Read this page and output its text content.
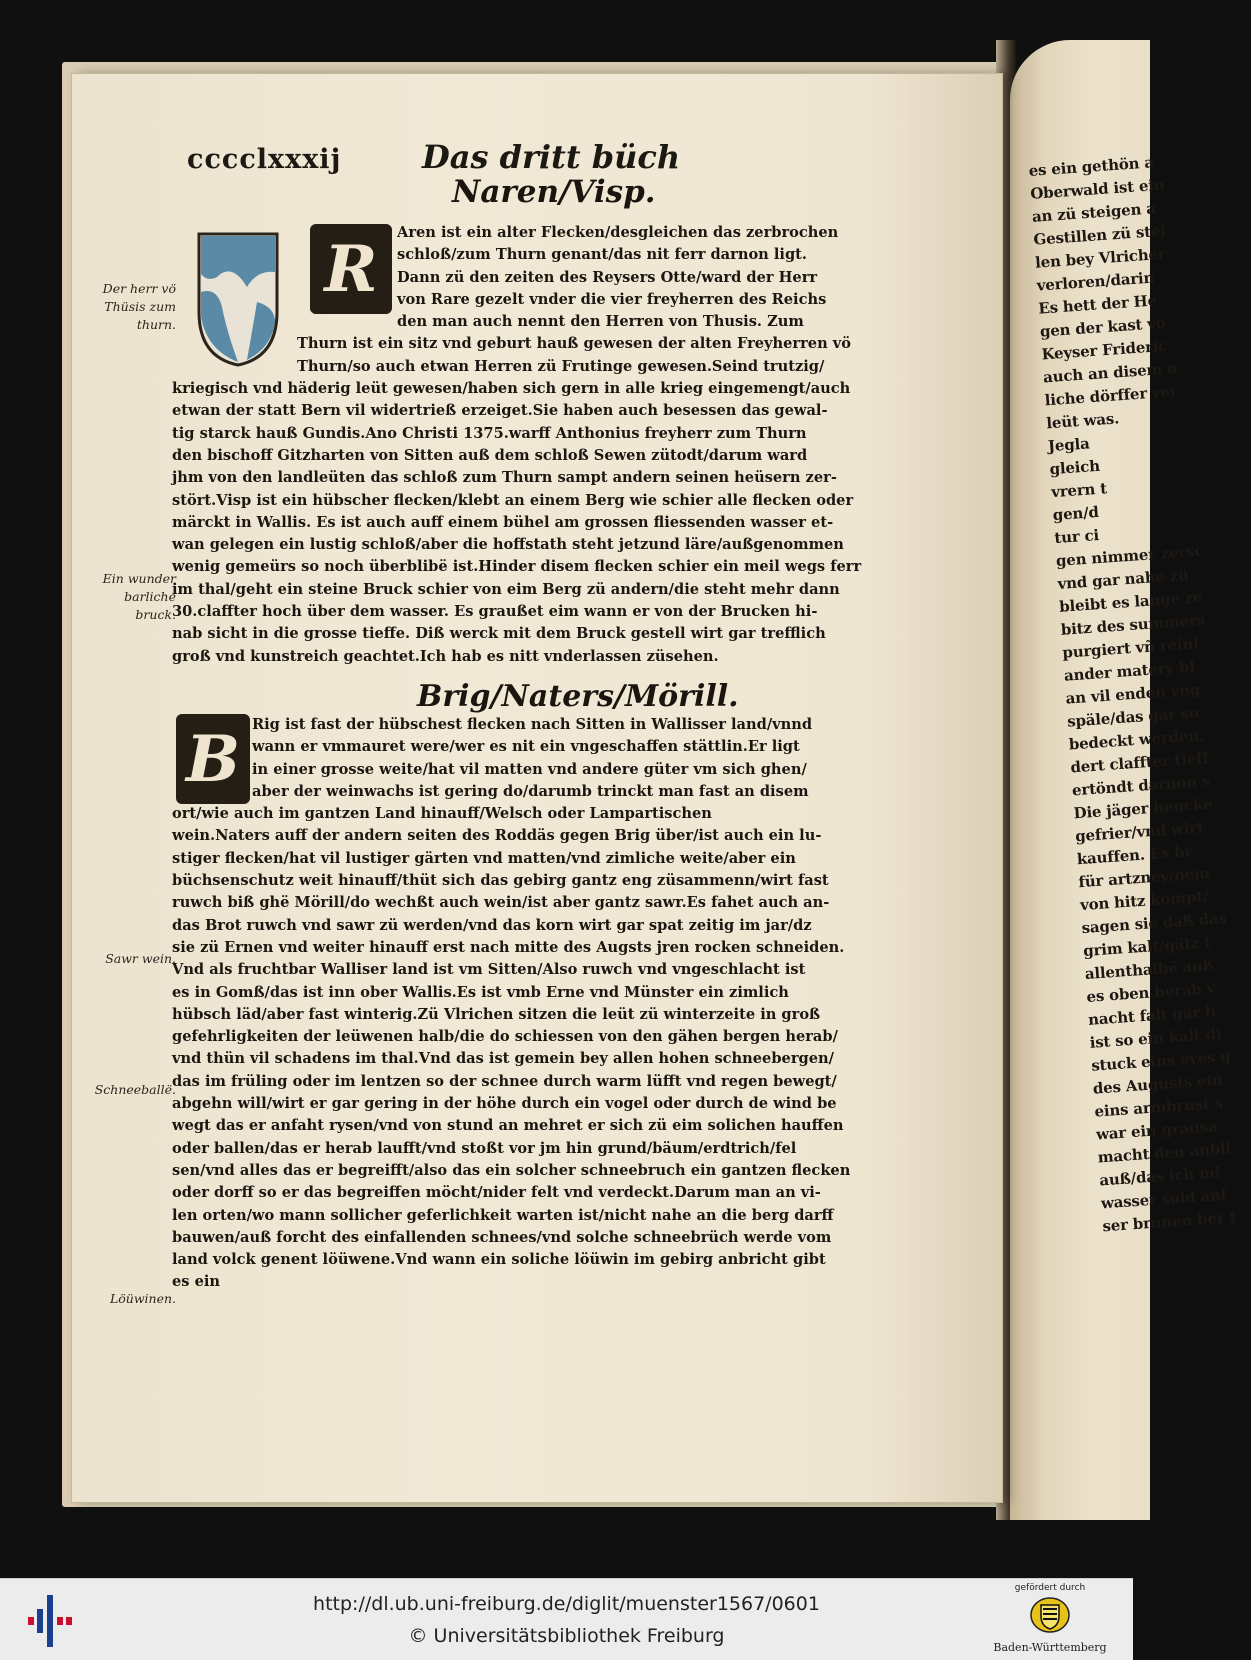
es ein gethön a
Oberwald ist ein
an zü steigen a
Gestillen zü stei
len bey Vlricher
verloren/darin
Es hett der He
gen der kast vo
Keyser Frideric
auch an disem o
liche dörffer ver
leüt was.
Jegla
gleich
vrern t
gen/d
tur ci
gen nimmer zersc
vnd gar nahe zü
bleibt es lange ze
bitz des summers
purgiert vñ reini
ander matery bl
an vil enden vng
späle/das gar so
bedeckt werden.
dert claffter tieff
ertöndt darnon s
Die jäger hencke
gefrier/vnd wirt
kauffen. Es br
für artzney/nem
von hitz kompt/
sagen sie daß das
grim kalt/gätz t
allenthalbë auß
es oben herab v
nacht falt gar h
ist so ein kalt di
stuck eins eyes g
des Augusts ein
eins armbrust s
war ein grausa
macht den anbli
auß/das ich mi
wasser sold anf
ser brunen ber f
cccclxxxij	Das dritt büch
Naren/Visp.
R	Aren ist ein alter Flecken/desgleichen das zerbrochen
schloß/zum Thurn genant/das nit ferr darnon ligt.
Dann zü den zeiten des Reysers Otte/ward der Herr
von Rare gezelt vnder die vier freyherren des Reichs
den man auch nennt den Herren von Thusis. Zum
Thurn ist ein sitz vnd geburt hauß gewesen der alten Freyherren vö
Thurn/so auch etwan Herren zü Frutinge gewesen.Seind trutzig/
kriegisch vnd häderig leüt gewesen/haben sich gern in alle krieg eingemengt/auch
etwan der statt Bern vil widertrieß erzeiget.Sie haben auch besessen das gewal-
tig starck hauß Gundis.Ano Christi 1375.warff Anthonius freyherr zum Thurn
den bischoff Gitzharten von Sitten auß dem schloß Sewen zütodt/darum ward
jhm von den landleüten das schloß zum Thurn sampt andern seinen heüsern zer-
stört.Visp ist ein hübscher flecken/klebt an einem Berg wie schier alle flecken oder
märckt in Wallis. Es ist auch auff einem bühel am grossen fliessenden wasser et-
wan gelegen ein lustig schloß/aber die hoffstath steht jetzund läre/außgenommen
wenig gemeürs so noch überblibë ist.Hinder disem flecken schier ein meil wegs ferr
im thal/geht ein steine Bruck schier von eim Berg zü andern/die steht mehr dann
30.claffter hoch über dem wasser. Es graußet eim wann er von der Brucken hi-
nab sicht in die grosse tieffe. Diß werck mit dem Bruck gestell wirt gar trefflich
groß vnd kunstreich geachtet.Ich hab es nitt vnderlassen züsehen.
Brig/Naters/Mörill.
B Rig ist fast der hübschest flecken nach Sitten in Wallisser land/vnnd
wann er vmmauret were/wer es nit ein vngeschaffen stättlin.Er ligt
in einer grosse weite/hat vil matten vnd andere güter vm sich ghen/
aber der weinwachs ist gering do/darumb trinckt man fast an disem
ort/wie auch im gantzen Land hinauff/Welsch oder Lampartischen
wein.Naters auff der andern seiten des Roddäs gegen Brig über/ist auch ein lu-
stiger flecken/hat vil lustiger gärten vnd matten/vnd zimliche weite/aber ein
büchsenschutz weit hinauff/thüt sich das gebirg gantz eng züsammenn/wirt fast
ruwch biß ghë Mörill/do wechßt auch wein/ist aber gantz sawr.Es fahet auch an-
das Brot ruwch vnd sawr zü werden/vnd das korn wirt gar spat zeitig im jar/dz
sie zü Ernen vnd weiter hinauff erst nach mitte des Augsts jren rocken schneiden.
Vnd als fruchtbar Walliser land ist vm Sitten/Also ruwch vnd vngeschlacht ist
es in Gomß/das ist inn ober Wallis.Es ist vmb Erne vnd Münster ein zimlich
hübsch läd/aber fast winterig.Zü Vlrichen sitzen die leüt zü winterzeite in groß
gefehrligkeiten der leüwenen halb/die do schiessen von den gähen bergen herab/
vnd thün vil schadens im thal.Vnd das ist gemein bey allen hohen schneebergen/
das im früling oder im lentzen so der schnee durch warm lüfft vnd regen bewegt/
abgehn will/wirt er gar gering in der höhe durch ein vogel oder durch de wind be
wegt das er anfaht rysen/vnd von stund an mehret er sich zü eim solichen hauffen
oder ballen/das er herab laufft/vnd stoßt vor jm hin grund/bäum/erdtrich/fel
sen/vnd alles das er begreifft/also das ein solcher schneebruch ein gantzen flecken
oder dorff so er das begreiffen möcht/nider felt vnd verdeckt.Darum man an vi-
len orten/wo mann sollicher geferlichkeit warten ist/nicht nahe an die berg darff
bauwen/auß forcht des einfallenden schnees/vnd solche schneebrüch werde vom
land volck genent löüwene.Vnd wann ein soliche löüwin im gebirg anbricht gibt
es ein
Der herr vö
Thüsis zum
thurn.
Ein wunder
barliche
bruck.
Sawr wein.
Schneeballë.
Löüwinen.
http://dl.ub.uni-freiburg.de/diglit/muenster1567/0601
© Universitätsbibliothek Freiburg
gefördert durch
Baden-Württemberg
